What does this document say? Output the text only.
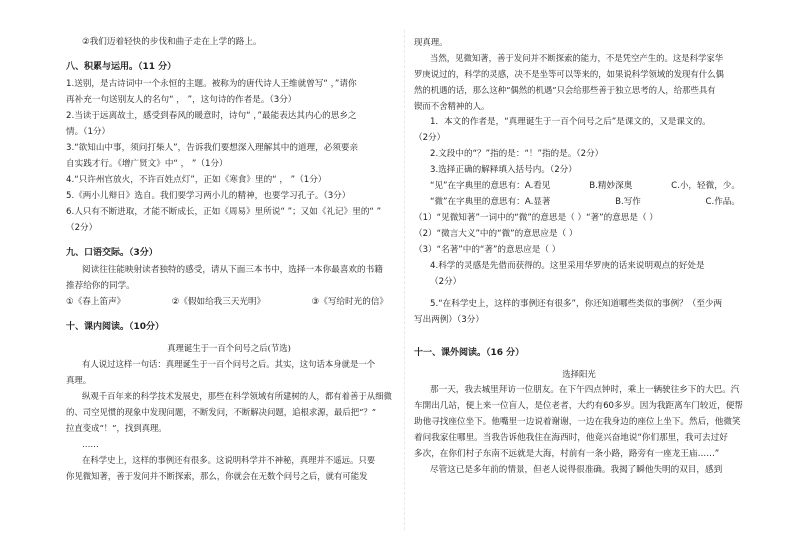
②我们迈着轻快的步伐和曲子走在上学的路上。
八、积累与运用。（11 分）
1.送别，是古诗词中一个永恒的主题。被称为的唐代诗人王维就曾写“ ，”请你
再补充一句送别友人的名句“ ， ”，这句诗的作者是。（3分）
2.当读于远离故土，感受到春风的暖意时，诗句“ ，”最能表达其内心的思乡之
情。（1分）
3.“欲知山中事，须问打柴人”，告诉我们要想深入理解其中的道理，必须要亲
自实践才行。《增广贤文》中“ ， ”（1分）
4.“只许州官放火，不许百姓点灯”，正如《寒食》里的“ ， ”（1分）
5.《两小儿辩日》选自。我们要学习两小儿的精神，也要学习孔子。（3分）
6.人只有不断进取，才能不断成长，正如《周易》里所说“ ”；又如《礼记》里的“ ”
（2分）
九、口语交际。（3分）
阅读往往能映射读者独特的感受，请从下面三本书中，选择一本你最喜欢的书籍
推荐给你的同学。
①《春上笛声》	②《假如给我三天光明》	③《写给时光的信》
十、课内阅读。（10分）
真理诞生于一百个问号之后(节选)
有人说过这样一句话：真理诞生于一百个问号之后。其实，这句话本身就是一个
真理。
纵观千百年来的科学技术发展史，那些在科学领域有所建树的人，都有着善于从细微
的、司空见惯的现象中发现问题，不断发问，不断解决问题，追根求源，最后把“？”
拉直变成“！”，找到真理。
……
在科学史上，这样的事例还有很多。这说明科学并不神秘，真理并不遥远。只要
你见微知著，善于发问并不断探索，那么，你就会在无数个问号之后，就有可能发
现真理。
当然，见微知著，善于发问并不断探索的能力，不是凭空产生的。这是科学家华
罗庚说过的，科学的灵感，决不是坐等可以等来的，如果说科学领域的发现有什么偶
然的机遇的话，那么这种“偶然的机遇”只会给那些善于独立思考的人，给那些具有
锲而不舍精神的人。
1．本文的作者是，“真理诞生于一百个问号之后”是课文的，又是课文的。
（2分）
2.文段中的“？”指的是：“！”指的是。（2分）
3.选择正确的解释填入括号内。（2分）
“见”在字典里的意思有：A.看见	B.精妙深奥	C.小，轻微，少。
“微”在字典里的意思有：A.显著	B.写作	C.作品。
（1）“见微知著”一词中的“微”的意思是（ ）“著”的意思是（ ）
（2）“微言大义”中的“微”的意思应是（ ）
（3）“名著”中的“著”的意思应是（ ）
4.科学的灵感是先借而获得的。这里采用华罗庚的话来说明观点的好处是
（2分）
5.“在科学史上，这样的事例还有很多”，你还知道哪些类似的事例？（至少两
写出两例）（3分）
十一、课外阅读。（16 分）
选择阳光
那一天，我去城里拜访一位朋友。在下午四点钟时，乘上一辆驶往乡下的大巴。汽
车開出几站，便上来一位盲人，是位老者，大约有60多岁。因为我距离车门较近，便帮
助他寻找座位坐下。他嘴里一边说着谢谢，一边在我身边的座位上坐下。然后，他微笑
着问我家住哪里。当我告诉他我住在海西时，他竟兴奋地说“你们那里，我可去过好
多次，在你们村子东南不远就是大海，村前有一条小路，路旁有一座龙王庙……”
尽管这已是多年前的情景，但老人说得很准确。我揭了瞬他失明的双目，感到
